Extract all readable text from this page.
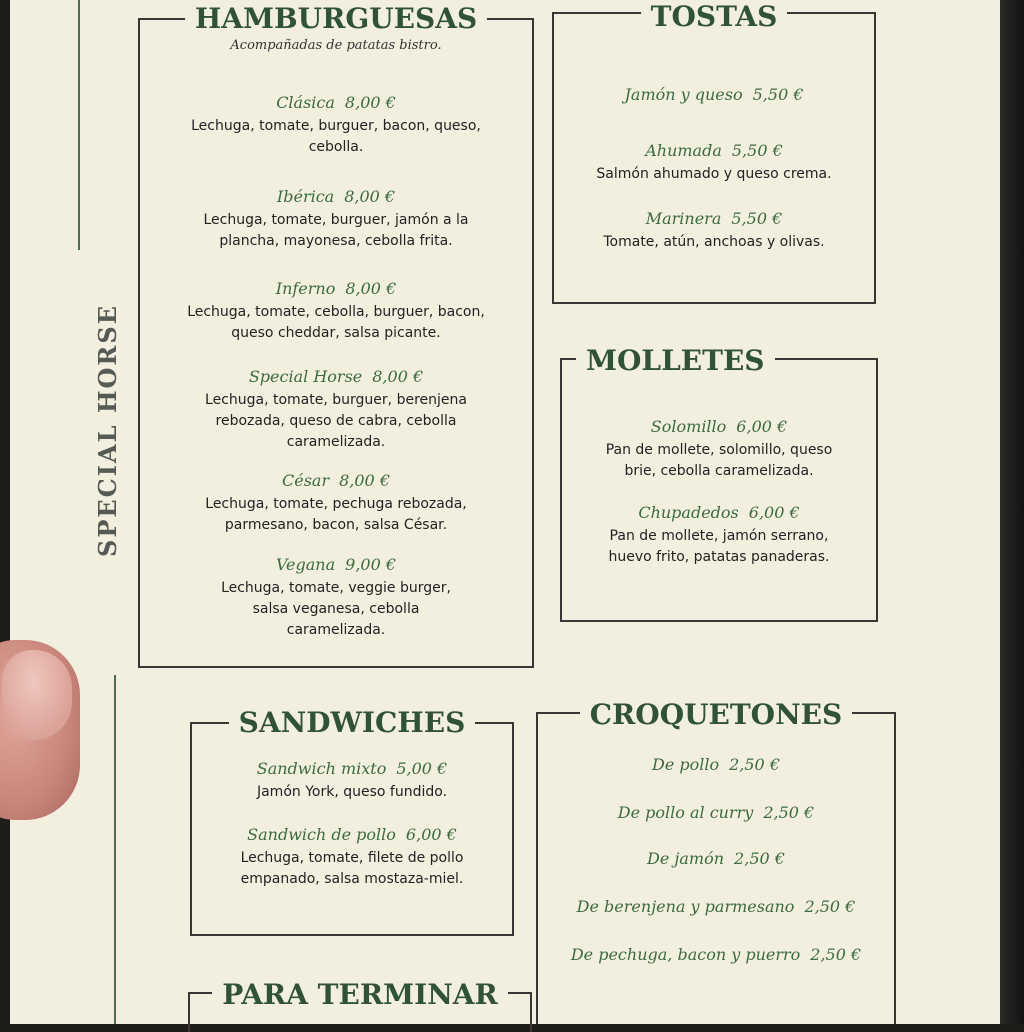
SPECIAL HORSE
HAMBURGUESAS
Acompañadas de patatas bistro.
Clásica 8,00 €
Lechuga, tomate, burguer, bacon, queso, cebolla.
Ibérica 8,00 €
Lechuga, tomate, burguer, jamón a la plancha, mayonesa, cebolla frita.
Inferno 8,00 €
Lechuga, tomate, cebolla, burguer, bacon, queso cheddar, salsa picante.
Special Horse 8,00 €
Lechuga, tomate, burguer, berenjena rebozada, queso de cabra, cebolla caramelizada.
César 8,00 €
Lechuga, tomate, pechuga rebozada, parmesano, bacon, salsa César.
Vegana 9,00 €
Lechuga, tomate, veggie burger, salsa veganesa, cebolla caramelizada.
TOSTAS
Jamón y queso 5,50 €
Ahumada 5,50 €
Salmón ahumado y queso crema.
Marinera 5,50 €
Tomate, atún, anchoas y olivas.
MOLLETES
Solomillo 6,00 €
Pan de mollete, solomillo, queso brie, cebolla caramelizada.
Chupadedos 6,00 €
Pan de mollete, jamón serrano, huevo frito, patatas panaderas.
SANDWICHES
Sandwich mixto 5,00 €
Jamón York, queso fundido.
Sandwich de pollo 6,00 €
Lechuga, tomate, filete de pollo empanado, salsa mostaza-miel.
CROQUETONES
De pollo 2,50 €
De pollo al curry 2,50 €
De jamón 2,50 €
De berenjena y parmesano 2,50 €
De pechuga, bacon y puerro 2,50 €
PARA TERMINAR
